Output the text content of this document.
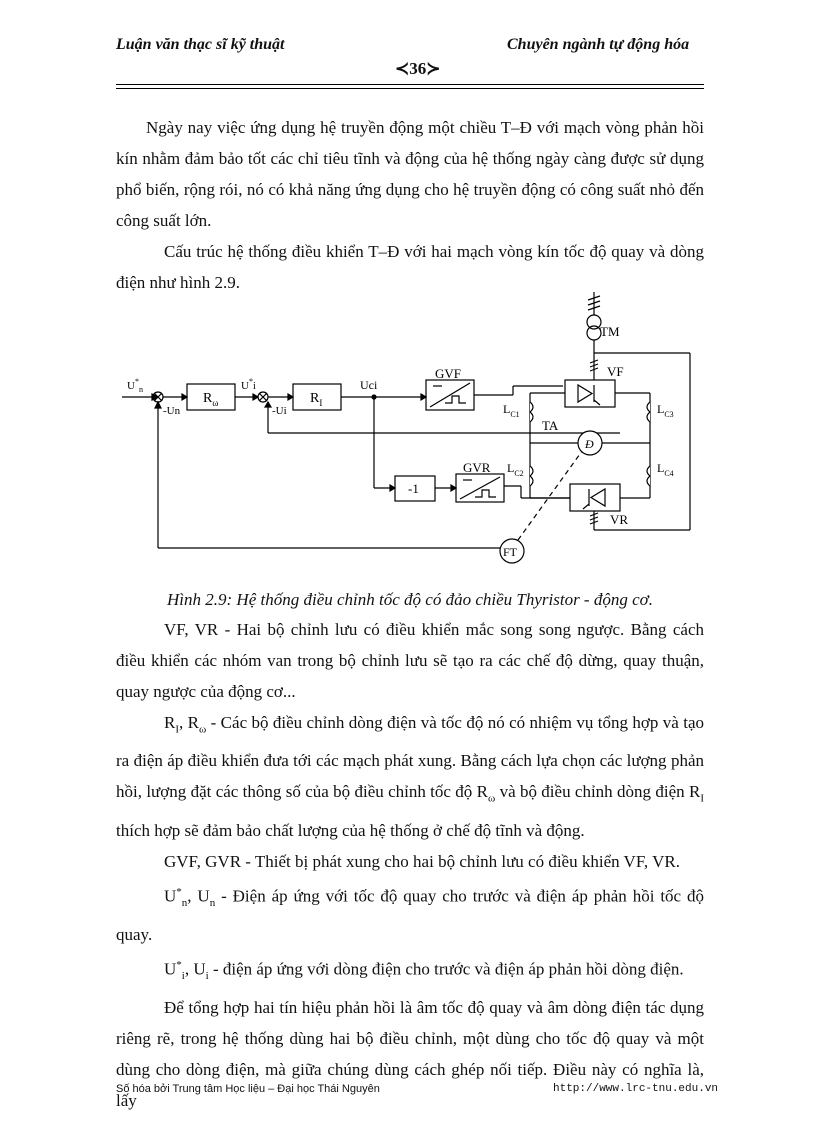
Luận văn thạc sĩ kỹ thuật	Chuyên ngành tự động hóa
≺36≻

Ngày nay việc ứng dụng hệ truyền động một chiều T–Đ với mạch vòng phản hồi kín nhằm đảm bảo tốt các chỉ tiêu tĩnh và động của hệ thống ngày càng được sử dụng phổ biến, rộng rói, nó có khả năng ứng dụng cho hệ truyền động có công suất nhỏ đến công suất lớn.

Cấu trúc hệ thống điều khiển T–Đ với hai mạch vòng kín tốc độ quay và dòng điện như hình 2.9.

$U^*_n$
-Un
$R_\omega$
U*i
-Ui
$R_I$
Uci
GVF
GVR
-1
TM
VF
VR
TA
FT
Đ
$L_{C1}$
$L_{C2}$
$L_{C3}$
$L_{C4}$
Hình 2.9: Hệ thống điều chỉnh tốc độ có đảo chiều Thyristor - động cơ.

VF, VR - Hai bộ chỉnh lưu có điều khiển mắc song song ngược. Bằng cách điều khiển các nhóm van trong bộ chỉnh lưu sẽ tạo ra các chế độ dừng, quay thuận, quay ngược của động cơ...

$R_I$, $R_\omega$ - Các bộ điều chỉnh dòng điện và tốc độ nó có nhiệm vụ tổng hợp và tạo ra điện áp điều khiển đưa tới các mạch phát xung. Bằng cách lựa chọn các lượng phản hồi, lượng đặt các thông số của bộ điều chỉnh tốc độ $R_\omega$ và bộ điều chỉnh dòng điện $R_I$ thích hợp sẽ đảm bảo chất lượng của hệ thống ở chế độ tĩnh và động.

GVF, GVR - Thiết bị phát xung cho hai bộ chỉnh lưu có điều khiển VF, VR.

$U^*_n$, $U_n$ - Điện áp ứng với tốc độ quay cho trước và điện áp phản hồi tốc độ quay.

$U^*_i$, $U_i$ - điện áp ứng với dòng điện cho trước và điện áp phản hồi dòng điện.

Để tổng hợp hai tín hiệu phản hồi là âm tốc độ quay và âm dòng điện tác dụng riêng rẽ, trong hệ thống dùng hai bộ điều chỉnh, một dùng cho tốc độ quay và một dùng cho dòng điện, mà giữa chúng dùng cách ghép nối tiếp. Điều này có nghĩa là, lấy

Số hóa bởi Trung tâm Học liệu – Đại học Thái Nguyên	http://www.lrc-tnu.edu.vn
